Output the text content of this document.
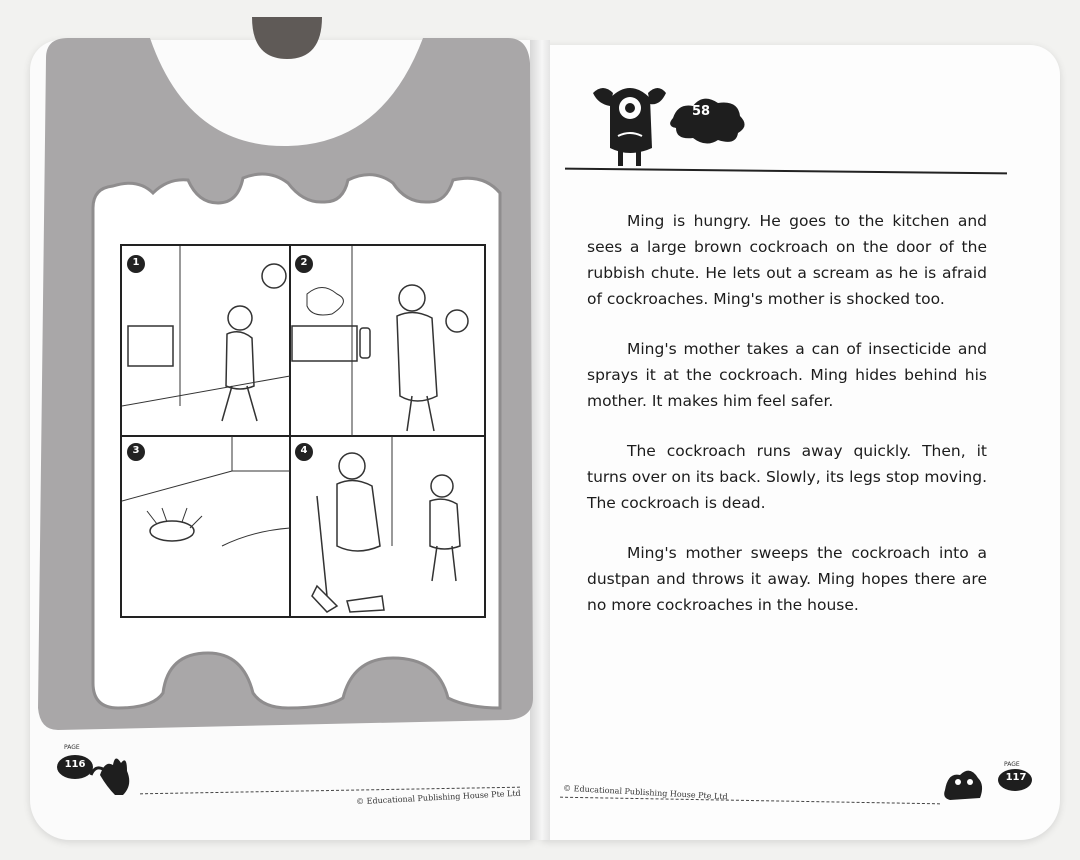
1	2
3	4
58

Ming is hungry. He goes to the kitchen and sees a large brown cockroach on the door of the rubbish chute. He lets out a scream as he is afraid of cockroaches. Ming's mother is shocked too.

Ming's mother takes a can of insecticide and sprays it at the cockroach. Ming hides behind his mother. It makes him feel safer.

The cockroach runs away quickly. Then, it turns over on its back. Slowly, its legs stop moving. The cockroach is dead.

Ming's mother sweeps the cockroach into a dustpan and throws it away. Ming hopes there are no more cockroaches in the house.

116
PAGE
© Educational Publishing House Pte Ltd
117
PAGE
© Educational Publishing House Pte Ltd
